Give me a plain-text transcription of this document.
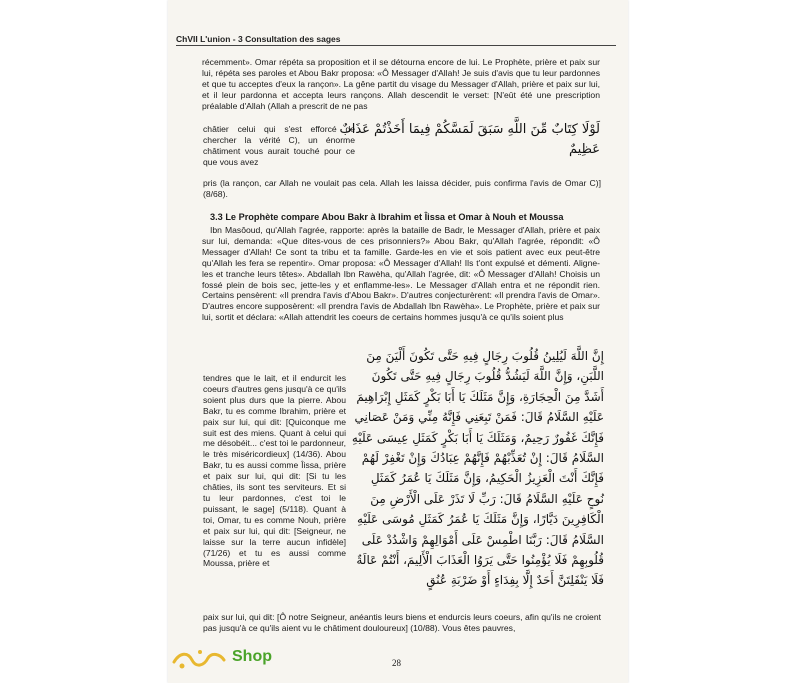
ChVII L'union - 3 Consultation des sages
récemment». Omar répéta sa proposition et il se détourna encore de lui. Le Prophète, prière et paix sur lui, répéta ses paroles et Abou Bakr proposa: «Ô Messager d'Allah! Je suis d'avis que tu leur pardonnes et que tu acceptes d'eux la rançon». La gêne partit du visage du Messager d'Allah, prière et paix sur lui, et il leur pardonna et accepta leurs rançons. Allah descendit le verset: [N'eût été une prescription préalable d'Allah (Allah a prescrit de ne pas
châtier celui qui s'est efforcé de chercher la vérité C), un énorme châtiment vous aurait touché pour ce que vous avez
لَوْلَا كِتَابٌ مِّنَ اللَّهِ سَبَقَ لَمَسَّكُمْ فِيمَا أَخَذْتُمْ عَذَابٌ عَظِيمٌ
pris (la rançon, car Allah ne voulait pas cela. Allah les laissa décider, puis confirma l'avis de Omar C)] (8/68).
3.3 Le Prophète compare Abou Bakr à Ibrahim et Îissa et Omar à Nouh et Moussa
Ibn Masôoud, qu'Allah l'agrée, rapporte: après la bataille de Badr, le Messager d'Allah, prière et paix sur lui, demanda: «Que dites-vous de ces prisonniers?» Abou Bakr, qu'Allah l'agrée, répondit: «Ô Messager d'Allah! Ce sont ta tribu et ta famille. Garde-les en vie et sois patient avec eux peut-être qu'Allah les fera se repentir». Omar proposa: «Ô Messager d'Allah! Ils t'ont expulsé et démenti. Aligne-les et tranche leurs têtes». Abdallah Ibn Rawèha, qu'Allah l'agrée, dit: «Ô Messager d'Allah! Choisis un fossé plein de bois sec, jette-les y et enflamme-les». Le Messager d'Allah entra et ne répondit rien. Certains pensèrent: «Il prendra l'avis d'Abou Bakr». D'autres conjecturèrent: «Il prendra l'avis de Omar». D'autres encore supposèrent: «Il prendra l'avis de Abdallah Ibn Rawèha». Le Prophète, prière et paix sur lui, sortit et déclara: «Allah attendrit les coeurs de certains hommes jusqu'à ce qu'ils soient plus
tendres que le lait, et il endurcit les coeurs d'autres gens jusqu'à ce qu'ils soient plus durs que la pierre. Abou Bakr, tu es comme Ibrahim, prière et paix sur lui, qui dit: [Quiconque me suit est des miens. Quant à celui qui me désobéit... c'est toi le pardonneur, le très miséricordieux] (14/36). Abou Bakr, tu es aussi comme Îissa, prière et paix sur lui, qui dit: [Si tu les châties, ils sont tes serviteurs. Et si tu leur pardonnes, c'est toi le puissant, le sage] (5/118). Quant à toi, Omar, tu es comme Nouh, prière et paix sur lui, qui dit: [Seigneur, ne laisse sur la terre aucun infidèle] (71/26) et tu es aussi comme Moussa, prière et
إِنَّ اللَّهَ لَيُلِينُ قُلُوبَ رِجَالٍ فِيهِ حَتَّى تَكُونَ أَلْيَنَ مِنَ اللَّبَنِ، وَإِنَّ اللَّهَ لَيَشُدُّ قُلُوبَ رِجَالٍ فِيهِ حَتَّى تَكُونَ أَشَدَّ مِنَ الْحِجَارَةِ، وَإِنَّ مَثَلَكَ يَا أَبَا بَكْرٍ كَمَثَلِ إِبْرَاهِيمَ عَلَيْهِ السَّلَامُ قَالَ: فَمَنْ تَبِعَنِي فَإِنَّهُ مِنِّي وَمَنْ عَصَانِي فَإِنَّكَ غَفُورٌ رَحِيمٌ، وَمَثَلَكَ يَا أَبَا بَكْرٍ كَمَثَلِ عِيسَى عَلَيْهِ السَّلَامُ قَالَ: إِنْ تُعَذِّبْهُمْ فَإِنَّهُمْ عِبَادُكَ وَإِنْ تَغْفِرْ لَهُمْ فَإِنَّكَ أَنْتَ الْعَزِيزُ الْحَكِيمُ، وَإِنَّ مَثَلَكَ يَا عُمَرُ كَمَثَلِ نُوحٍ عَلَيْهِ السَّلَامُ قَالَ: رَبِّ لَا تَذَرْ عَلَى الْأَرْضِ مِنَ الْكَافِرِينَ دَيَّارًا، وَإِنَّ مَثَلَكَ يَا عُمَرُ كَمَثَلِ مُوسَى عَلَيْهِ السَّلَامُ قَالَ: رَبَّنَا اطْمِسْ عَلَى أَمْوَالِهِمْ وَاشْدُدْ عَلَى قُلُوبِهِمْ فَلَا يُؤْمِنُوا حَتَّى يَرَوُا الْعَذَابَ الْأَلِيمَ، أَنْتُمْ عَالَةٌ فَلَا يَنْفَلِتَنَّ أَحَدٌ إِلَّا بِفِدَاءٍ أَوْ ضَرْبَةِ عُنُقٍ
paix sur lui, qui dit: [Ô notre Seigneur, anéantis leurs biens et endurcis leurs coeurs, afin qu'ils ne croient pas jusqu'à ce qu'ils aient vu le châtiment douloureux] (10/88). Vous êtes pauvres,
28
Shop
